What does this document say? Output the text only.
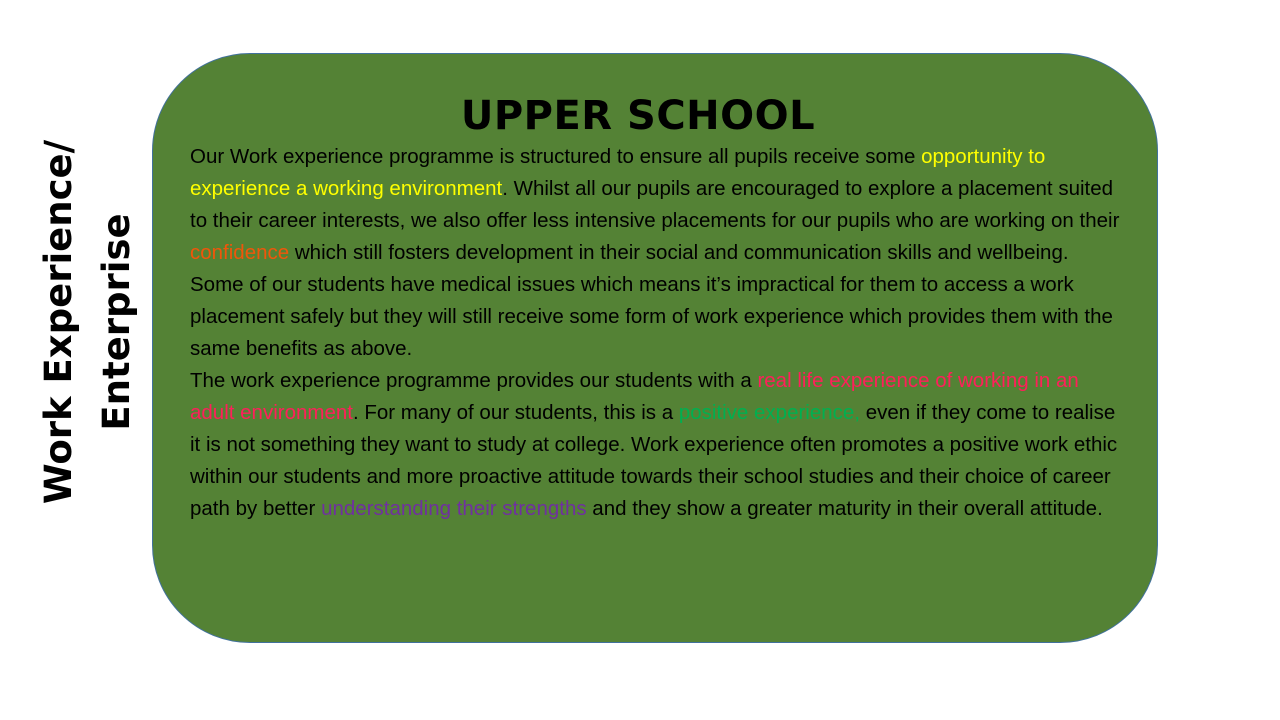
Work Experience/ Enterprise
UPPER SCHOOL

Our Work experience programme is structured to ensure all pupils receive some opportunity to experience a working environment. Whilst all our pupils are encouraged to explore a placement suited to their career interests, we also offer less intensive placements for our pupils who are working on their confidence which still fosters development in their social and communication skills and wellbeing. Some of our students have medical issues which means it’s impractical for them to access a work placement safely but they will still receive some form of work experience which provides them with the same benefits as above.

The work experience programme provides our students with a real life experience of working in an adult environment. For many of our students, this is a positive experience, even if they come to realise it is not something they want to study at college. Work experience often promotes a positive work ethic within our students and more proactive attitude towards their school studies and their choice of career path by better understanding their strengths and they show a greater maturity in their overall attitude.
